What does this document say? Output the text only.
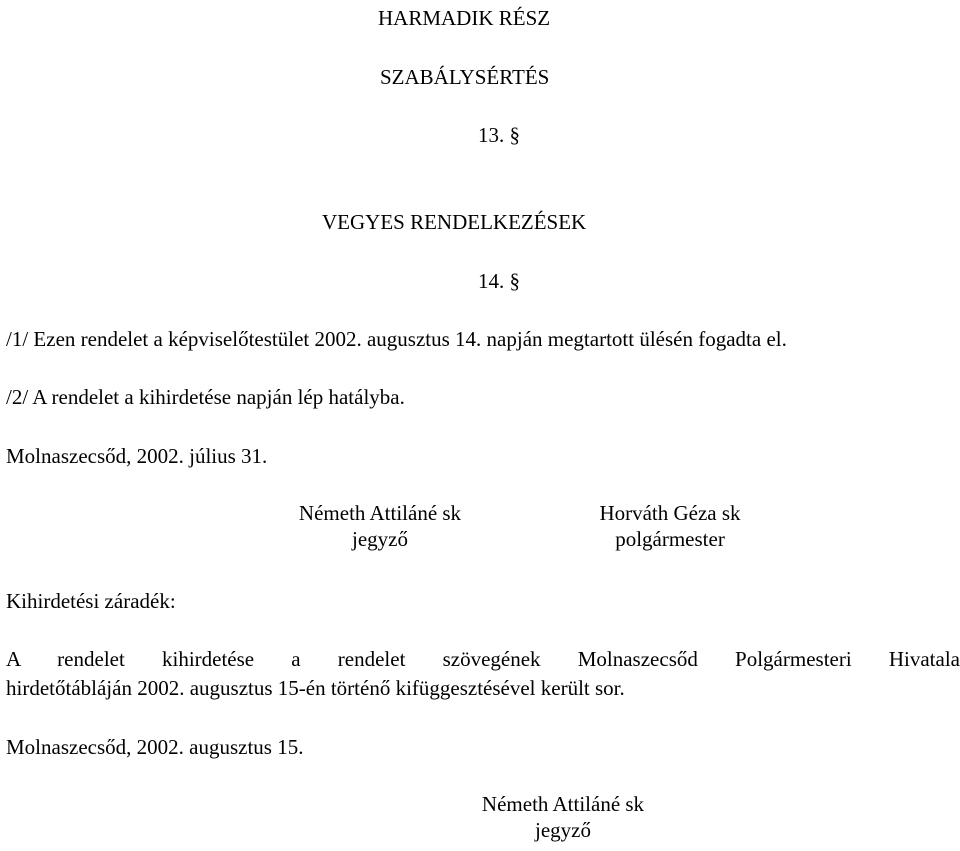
HARMADIK RÉSZ
SZABÁLYSÉRTÉS
13. §
VEGYES RENDELKEZÉSEK
14. §
/1/ Ezen rendelet a képviselőtestület 2002. augusztus 14. napján megtartott ülésén fogadta el.
/2/ A rendelet a kihirdetése napján lép hatályba.
Molnaszecsőd, 2002. július 31.
Németh Attiláné sk
jegyző
Horváth Géza sk
polgármester
Kihirdetési záradék:
A rendelet kihirdetése a rendelet szövegének Molnaszecsőd Polgármesteri Hivatala
hirdetőtábláján 2002. augusztus 15-én történő kifüggesztésével került sor.
Molnaszecsőd, 2002. augusztus 15.
Németh Attiláné sk
jegyző
